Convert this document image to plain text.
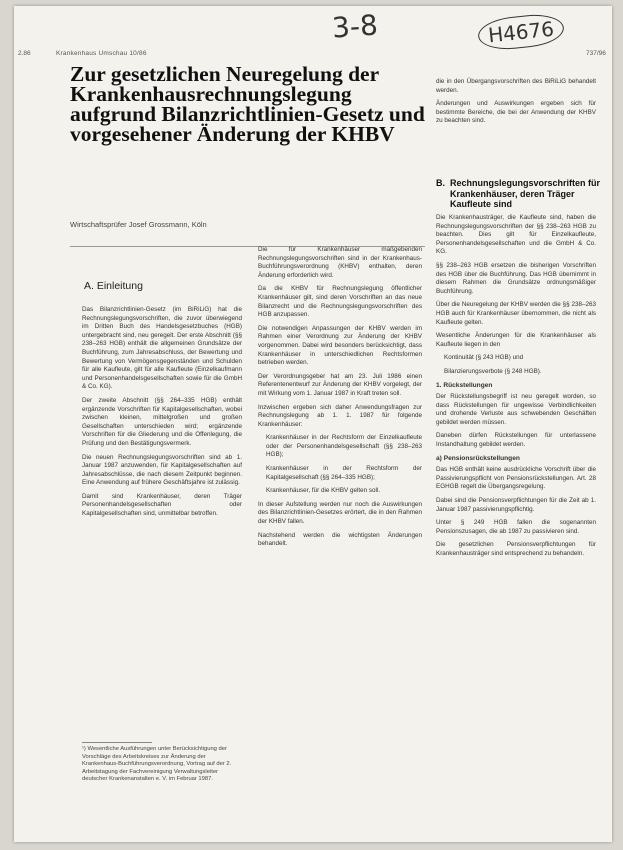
2.86	Krankenhaus Umschau 10/86	737/96
3-8	H4676
Zur gesetzlichen Neuregelung der Krankenhausrechnungslegung aufgrund Bilanzrichtlinien-Gesetz und vorgesehener Änderung der KHBV
Wirtschaftsprüfer Josef Grossmann, Köln
A. Einleitung

Das Bilanzrichtlinien-Gesetz (im BiRiLiG) hat die Rechnungslegungsvorschriften, die zuvor überwiegend im Dritten Buch des Handelsgesetzbuches (HGB) untergebracht sind, neu geregelt. Der erste Abschnitt (§§ 238–263 HGB) enthält die allgemeinen Grundsätze der Buchführung, zum Jahresabschluss, der Bewertung und Bewertung von Vermögensgegenständen und Schulden für alle Kaufleute, gilt für alle Kaufleute (Einzelkaufmann und Personenhandelsgesellschaften sowie für die GmbH & Co. KG).

Der zweite Abschnitt (§§ 264–335 HGB) enthält ergänzende Vorschriften für Kapitalgesellschaften, wobei zwischen kleinen, mittelgroßen und großen Gesellschaften unterschieden wird; ergänzende Vorschriften für die Gliederung und die Offenlegung, die Prüfung und den Bestätigungsvermerk.

Die neuen Rechnungslegungsvorschriften sind ab 1. Januar 1987 anzuwenden, für Kapitalgesellschaften auf Jahresabschlüsse, die nach diesem Zeitpunkt beginnen. Eine Anwendung auf frühere Geschäftsjahre ist zulässig.

Damit sind Krankenhäuser, deren Träger Personenhandelsgesellschaften oder Kapitalgesellschaften sind, unmittelbar betroffen.

¹) Wesentliche Ausführungen unter Berücksichtigung der Vorschläge des Arbeitskreises zur Änderung der Krankenhaus-Buchführungsverordnung, Vortrag auf der 2. Arbeitstagung der Fachvereinigung Verwaltungsleiter deutscher Krankenanstalten e. V. im Februar 1987.

Die für Krankenhäuser maßgebenden Rechnungslegungsvorschriften sind in der Krankenhaus-Buchführungsverordnung (KHBV) enthalten, deren Änderung erforderlich wird.

Da die KHBV für Rechnungslegung öffentlicher Krankenhäuser gilt, sind deren Vorschriften an das neue Bilanzrecht und die Rechnungslegungsvorschriften des HGB anzupassen.

Die notwendigen Anpassungen der KHBV werden im Rahmen einer Verordnung zur Änderung der KHBV vorgenommen. Dabei wird besonders berücksichtigt, dass Krankenhäuser in unterschiedlichen Rechtsformen betrieben werden.

Der Verordnungsgeber hat am 23. Juli 1986 einen Referentenentwurf zur Änderung der KHBV vorgelegt, der mit Wirkung vom 1. Januar 1987 in Kraft treten soll.

Inzwischen ergeben sich daher Anwendungsfragen zur Rechnungslegung ab 1. 1. 1987 für folgende Krankenhäuser:

Krankenhäuser in der Rechtsform der Einzelkaufleute oder der Personenhandelsgesellschaft (§§ 238–263 HGB);

Krankenhäuser in der Rechtsform der Kapitalgesellschaft (§§ 264–335 HGB);

Krankenhäuser, für die KHBV gelten soll.

In dieser Aufstellung werden nur noch die Auswirkungen des Bilanzrichtlinien-Gesetzes erörtert, die in den Rahmen der KHBV fallen.

Nachstehend werden die wichtigsten Änderungen behandelt.

die in den Übergangsvorschriften des BiRiLiG behandelt werden.

Änderungen und Auswirkungen ergeben sich für bestimmte Bereiche, die bei der Anwendung der KHBV zu beachten sind.

B. Rechnungslegungsvorschriften für Krankenhäuser, deren Träger Kaufleute sind

Die Krankenhausträger, die Kaufleute sind, haben die Rechnungslegungsvorschriften der §§ 238–263 HGB zu beachten. Dies gilt für Einzelkaufleute, Personenhandelsgesellschaften und die GmbH & Co. KG.

§§ 238–263 HGB ersetzen die bisherigen Vorschriften des HGB über die Buchführung. Das HGB übernimmt in diesem Rahmen die Grundsätze ordnungsmäßiger Buchführung.

Über die Neuregelung der KHBV werden die §§ 238–263 HGB auch für Krankenhäuser übernommen, die nicht als Kaufleute gelten.

Wesentliche Änderungen für die Krankenhäuser als Kaufleute liegen in den

Kontinuität (§ 243 HGB) und

Bilanzierungsverbote (§ 248 HGB).

1. Rückstellungen

Der Rückstellungsbegriff ist neu geregelt worden, so dass Rückstellungen für ungewisse Verbindlichkeiten und drohende Verluste aus schwebenden Geschäften gebildet werden müssen.

Daneben dürfen Rückstellungen für unterlassene Instandhaltung gebildet werden.

a) Pensionsrückstellungen

Das HGB enthält keine ausdrückliche Vorschrift über die Passivierungspflicht von Pensionsrückstellungen. Art. 28 EGHGB regelt die Übergangsregelung.

Dabei sind die Pensionsverpflichtungen für die Zeit ab 1. Januar 1987 passivierungspflichtig.

Unter § 249 HGB fallen die sogenannten Pensionszusagen, die ab 1987 zu passivieren sind.

Die gesetzlichen Pensionsverpflichtungen für Krankenhausträger sind entsprechend zu behandeln.
